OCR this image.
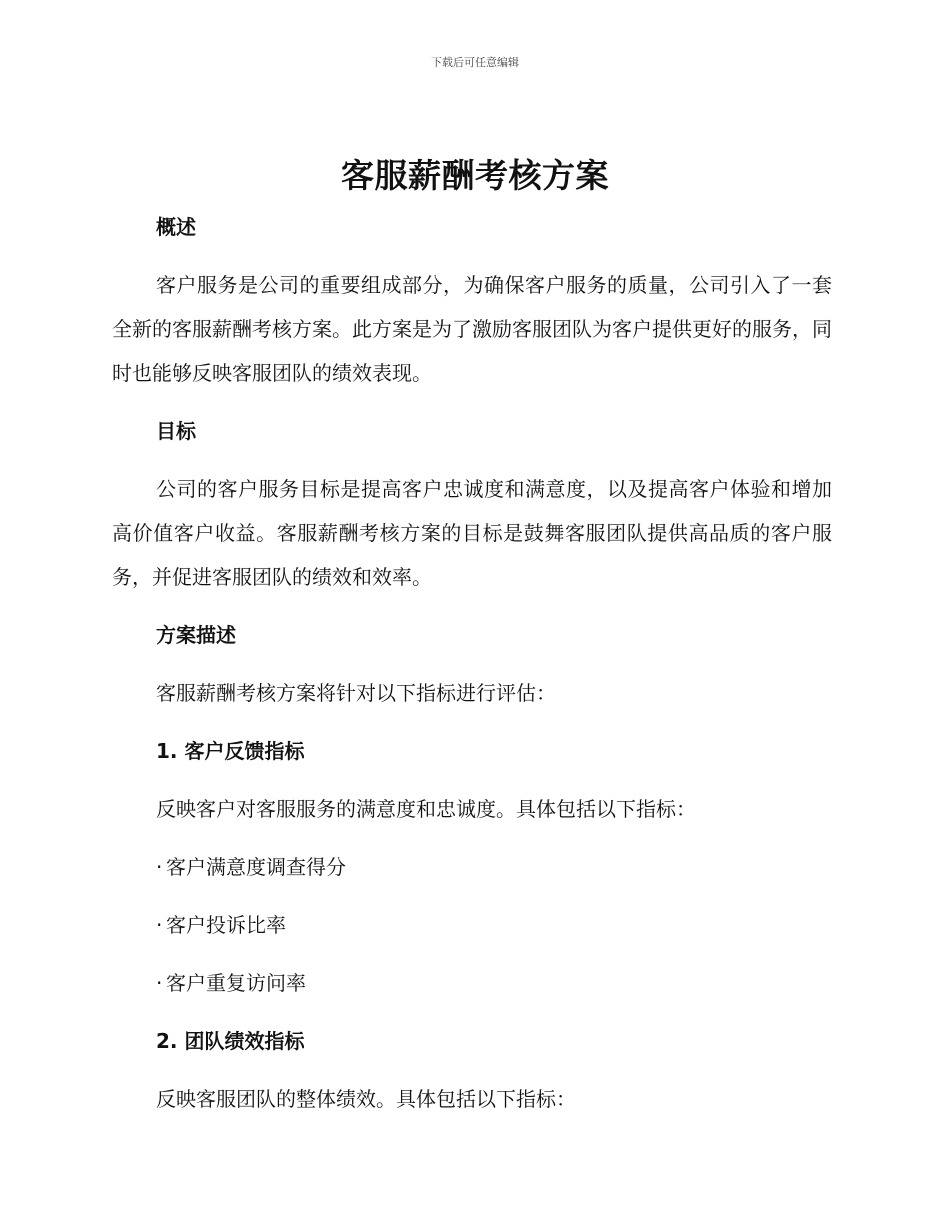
下载后可任意编辑
客服薪酬考核方案
概述
客户服务是公司的重要组成部分，为确保客户服务的质量，公司引入了一套全新的客服薪酬考核方案。此方案是为了激励客服团队为客户提供更好的服务，同时也能够反映客服团队的绩效表现。
目标
公司的客户服务目标是提高客户忠诚度和满意度，以及提高客户体验和增加高价值客户收益。客服薪酬考核方案的目标是鼓舞客服团队提供高品质的客户服务，并促进客服团队的绩效和效率。
方案描述
客服薪酬考核方案将针对以下指标进行评估：
1. 客户反馈指标
反映客户对客服服务的满意度和忠诚度。具体包括以下指标：
· 客户满意度调查得分
· 客户投诉比率
· 客户重复访问率
2. 团队绩效指标
反映客服团队的整体绩效。具体包括以下指标：
